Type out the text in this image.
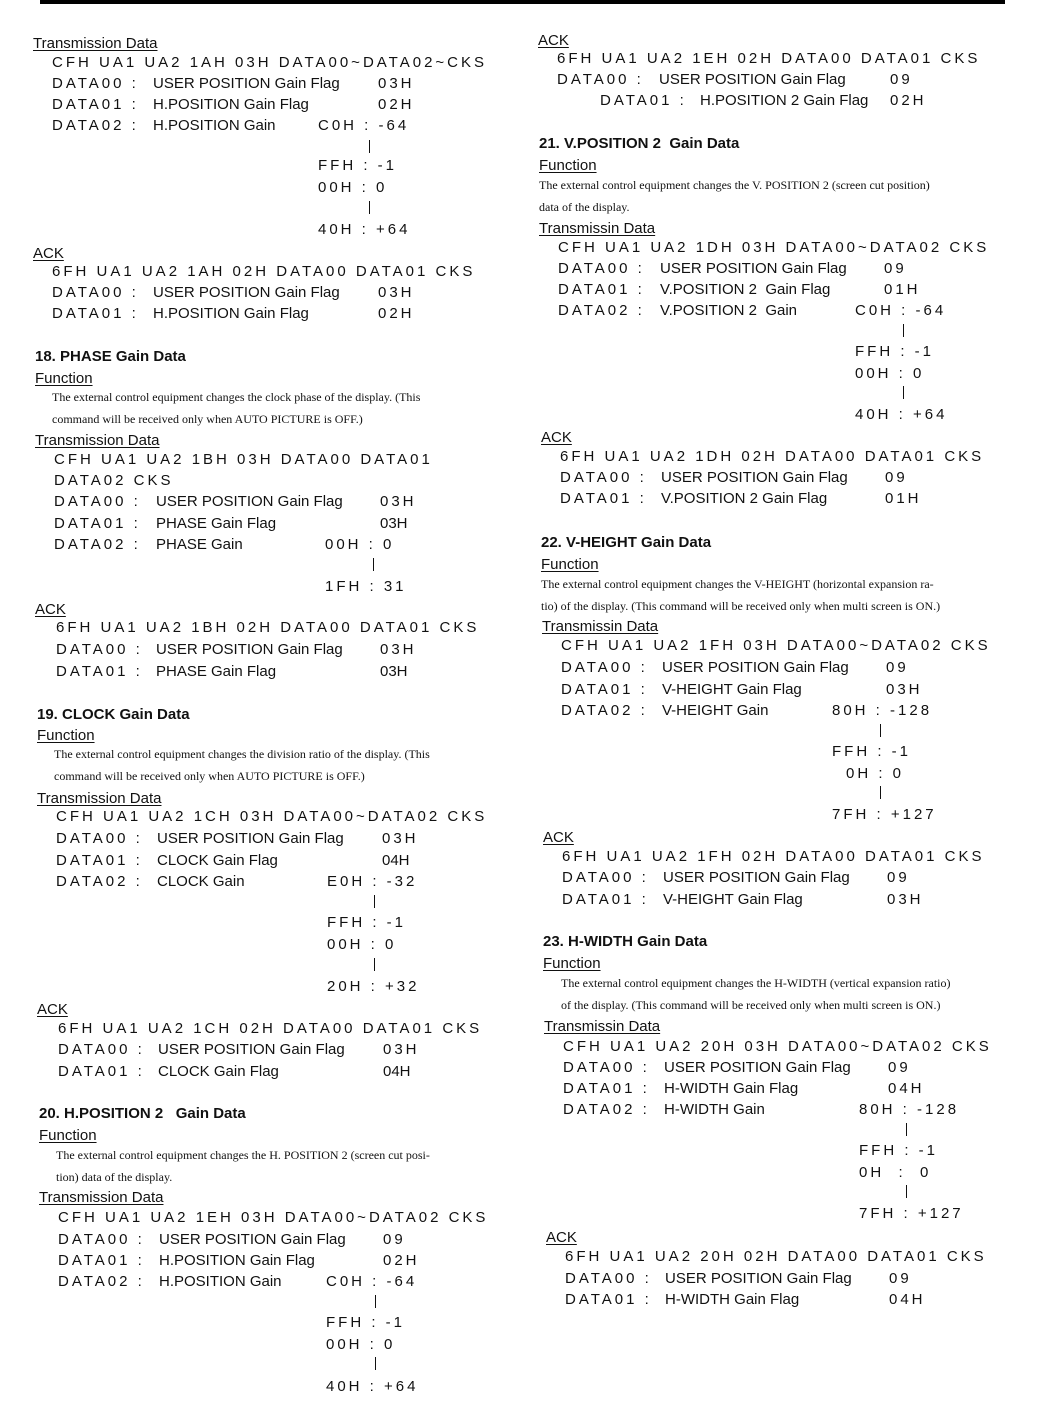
Transmission Data
CFH UA1 UA2 1AH 03H DATA00~DATA02~CKS
DATA00 : USER POSITION Gain Flag	03H
DATA01 : H.POSITION Gain Flag	02H
DATA02 : H.POSITION Gain	C0H : -64
FFH : -1
00H : 0
40H : +64
ACK
6FH UA1 UA2 1AH 02H DATA00 DATA01 CKS
DATA00 : USER POSITION Gain Flag	03H
DATA01 : H.POSITION Gain Flag	02H
18. PHASE Gain Data
Function
The external control equipment changes the clock phase of the display. (This
command will be received only when AUTO PICTURE is OFF.)
Transmission Data
CFH UA1 UA2 1BH 03H DATA00 DATA01
DATA02 CKS
DATA00 : USER POSITION Gain Flag 03H
DATA01 : PHASE Gain Flag	03H
DATA02 : PHASE Gain	00H : 0
1FH : 31
ACK
6FH UA1 UA2 1BH 02H DATA00 DATA01 CKS
DATA00 : USER POSITION Gain Flag 03H
DATA01 : PHASE Gain Flag	03H
19. CLOCK Gain Data
Function
The external control equipment changes the division ratio of the display. (This
command will be received only when AUTO PICTURE is OFF.)
Transmission Data
CFH UA1 UA2 1CH 03H DATA00~DATA02 CKS
DATA00 : USER POSITION Gain Flag	03H
DATA01 : CLOCK Gain Flag	04H
DATA02 : CLOCK Gain	E0H : -32
FFH : -1
00H : 0
20H : +32
ACK
6FH UA1 UA2 1CH 02H DATA00 DATA01 CKS
DATA00 : USER POSITION Gain Flag	03H
DATA01 : CLOCK Gain Flag	04H
20. H.POSITION 2   Gain Data
Function
The external control equipment changes the H. POSITION 2 (screen cut posi-
tion) data of the display.
Transmission Data
CFH UA1 UA2 1EH 03H DATA00~DATA02 CKS
DATA00 : USER POSITION Gain Flag 09
DATA01 : H.POSITION Gain Flag	02H
DATA02 : H.POSITION Gain	C0H : -64
FFH : -1
00H : 0
40H : +64
ACK
6FH UA1 UA2 1EH 02H DATA00 DATA01 CKS
DATA00 : USER POSITION Gain Flag	09
DATA01 : H.POSITION 2 Gain Flag 02H
21. V.POSITION 2  Gain Data
Function
The external control equipment changes the V. POSITION 2 (screen cut position)
data of the display.
Transmissin Data
CFH UA1 UA2 1DH 03H DATA00~DATA02 CKS
DATA00 : USER POSITION Gain Flag 09
DATA01 : V.POSITION 2  Gain Flag	01H
DATA02 : V.POSITION 2  Gain	C0H : -64
FFH : -1
00H : 0
40H : +64
ACK
6FH UA1 UA2 1DH 02H DATA00 DATA01 CKS
DATA00 : USER POSITION Gain Flag 09
DATA01 : V.POSITION 2 Gain Flag	01H
22. V-HEIGHT Gain Data
Function
The external control equipment changes the V-HEIGHT (horizontal expansion ra-
tio) of the display. (This command will be received only when multi screen is ON.)
Transmissin Data
CFH UA1 UA2 1FH 03H DATA00~DATA02 CKS
DATA00 : USER POSITION Gain Flag 09
DATA01 : V-HEIGHT Gain Flag	03H
DATA02 : V-HEIGHT Gain	80H : -128
FFH : -1
0H : 0
7FH : +127
ACK
6FH UA1 UA2 1FH 02H DATA00 DATA01 CKS
DATA00 : USER POSITION Gain Flag 09
DATA01 : V-HEIGHT Gain Flag	03H
23. H-WIDTH Gain Data
Function
The external control equipment changes the H-WIDTH (vertical expansion ratio)
of the display. (This command will be received only when multi screen is ON.)
Transmissin Data
CFH UA1 UA2 20H 03H DATA00~DATA02 CKS
DATA00 : USER POSITION Gain Flag 09
DATA01 : H-WIDTH Gain Flag	04H
DATA02 : H-WIDTH Gain	80H : -128
FFH : -1
0H  :  0
7FH : +127
ACK
6FH UA1 UA2 20H 02H DATA00 DATA01 CKS
DATA00 : USER POSITION Gain Flag 09
DATA01 : H-WIDTH Gain Flag	04H
